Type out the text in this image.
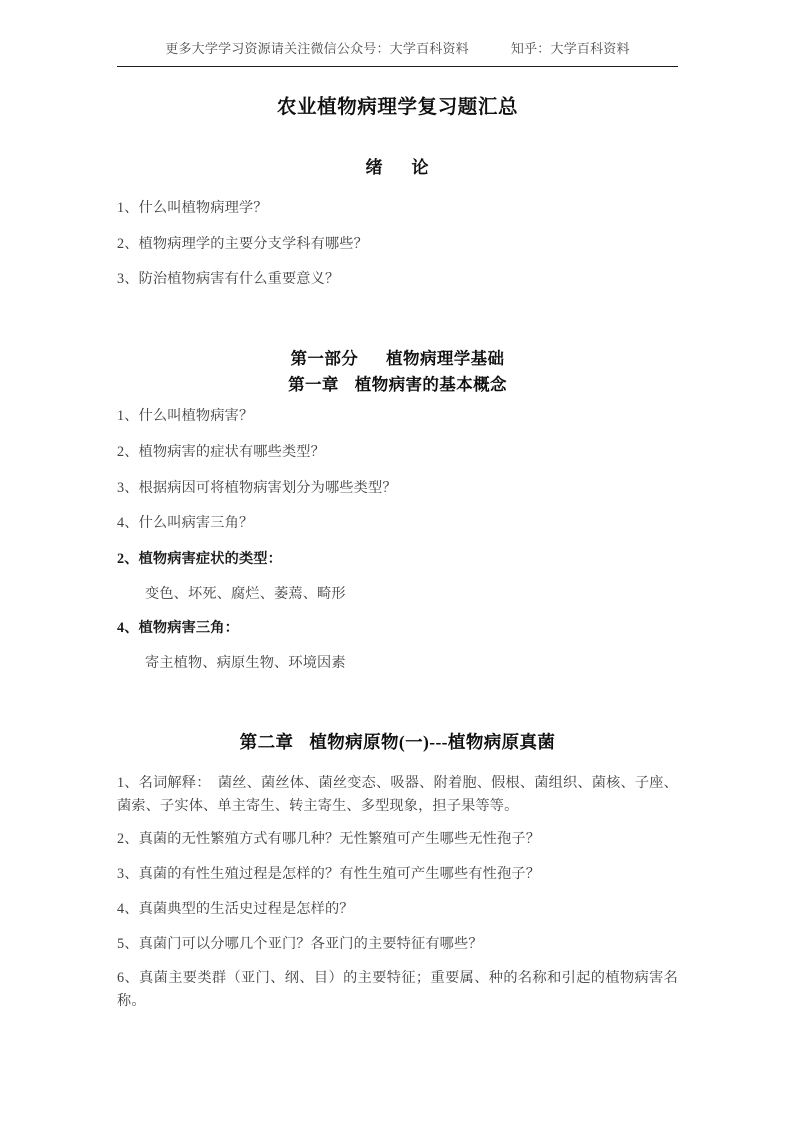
更多大学学习资源请关注微信公众号：大学百科资料	知乎：大学百科资料
农业植物病理学复习题汇总
绪 论

1、什么叫植物病理学？

2、植物病理学的主要分支学科有哪些？

3、防治植物病害有什么重要意义？

第一部分 植物病理学基础
第一章 植物病害的基本概念

1、什么叫植物病害？

2、植物病害的症状有哪些类型？

3、根据病因可将植物病害划分为哪些类型？

4、什么叫病害三角？

2、植物病害症状的类型：

变色、坏死、腐烂、萎蔫、畸形

4、植物病害三角：

寄主植物、病原生物、环境因素

第二章 植物病原物(一)---植物病原真菌

1、名词解释：　菌丝、菌丝体、菌丝变态、吸器、附着胞、假根、菌组织、菌核、子座、菌索、子实体、单主寄生、转主寄生、多型现象，担子果等等。

2、真菌的无性繁殖方式有哪几种？无性繁殖可产生哪些无性孢子？

3、真菌的有性生殖过程是怎样的？有性生殖可产生哪些有性孢子？

4、真菌典型的生活史过程是怎样的？

5、真菌门可以分哪几个亚门？各亚门的主要特征有哪些？

6、真菌主要类群（亚门、纲、目）的主要特征；重要属、种的名称和引起的植物病害名称。
